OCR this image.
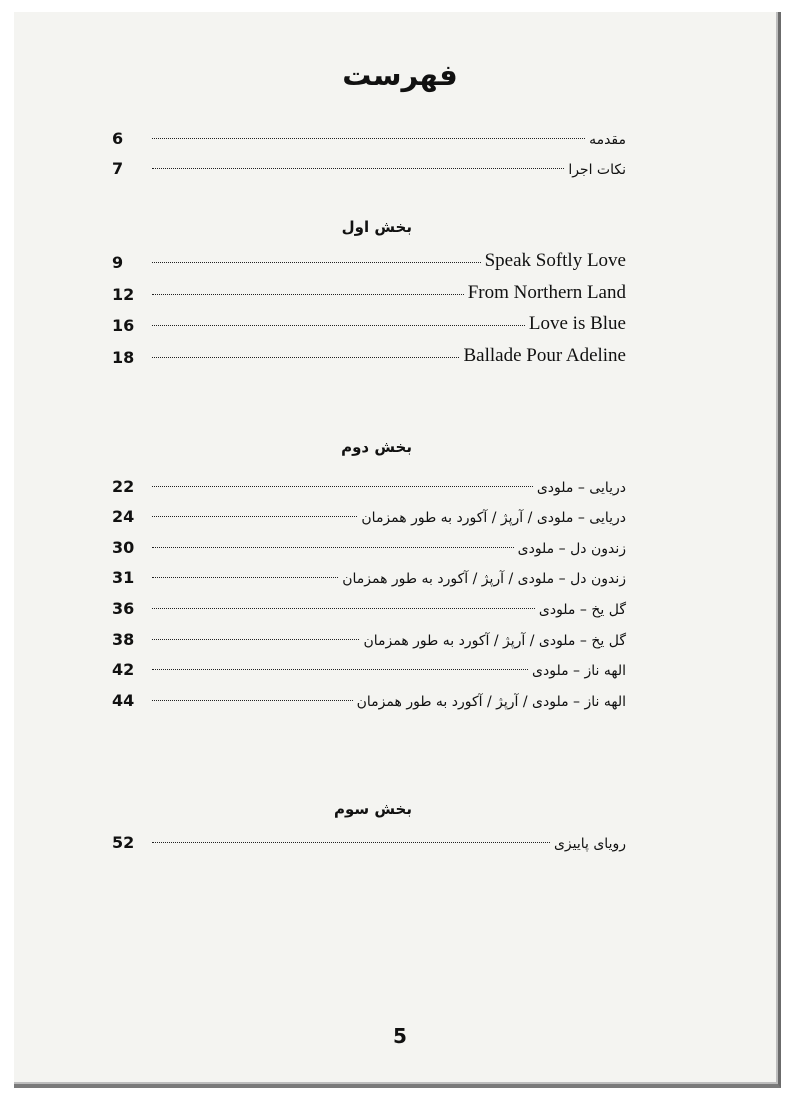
فهرست
6	مقدمه
7	نکات اجرا
بخش اول
9	Speak Softly Love
12	From Northern Land
16	Love is Blue
18	Ballade Pour Adeline
بخش دوم
22	دریایی – ملودی
24	دریایی – ملودی / آرپژ / آکورد به طور همزمان
30	زندون دل – ملودی
31	زندون دل – ملودی / آرپژ / آکورد به طور همزمان
36	گل یخ – ملودی
38	گل یخ – ملودی / آرپژ / آکورد به طور همزمان
42	الهه ناز – ملودی
44	الهه ناز – ملودی / آرپژ / آکورد به طور همزمان
بخش سوم
52	رویای پاییزی
5
